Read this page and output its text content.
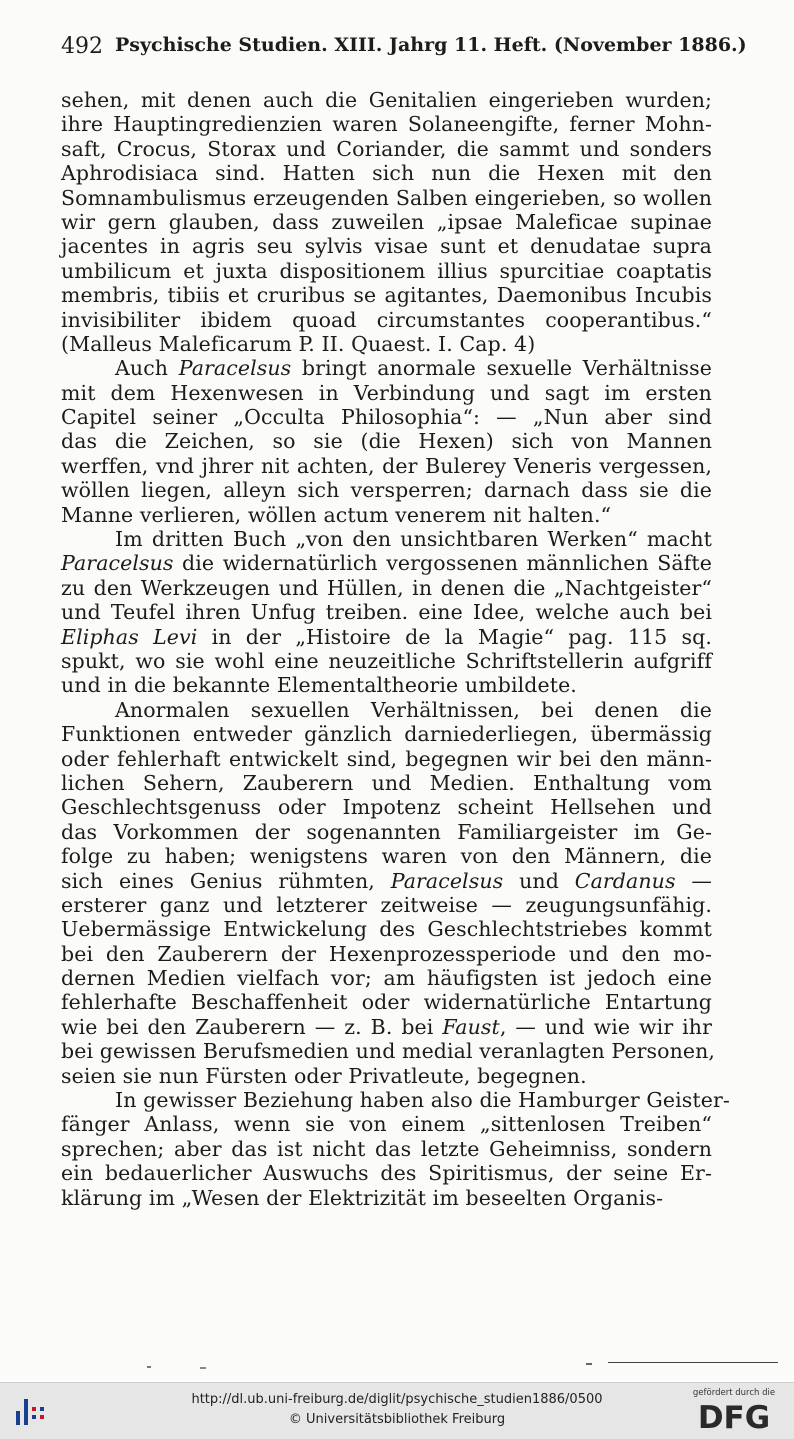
492 Psychische Studien. XIII. Jahrg 11. Heft. (November 1886.)
sehen, mit denen auch die Genitalien eingerieben wurden;
ihre Hauptingredienzien waren Solaneengifte, ferner Mohn-
saft, Crocus, Storax und Coriander, die sammt und sonders
Aphrodisiaca sind. Hatten sich nun die Hexen mit den
Somnambulismus erzeugenden Salben eingerieben, so wollen
wir gern glauben, dass zuweilen „ipsae Maleficae supinae
jacentes in agris seu sylvis visae sunt et denudatae supra
umbilicum et juxta dispositionem illius spurcitiae coaptatis
membris, tibiis et cruribus se agitantes, Daemonibus Incubis
invisibiliter ibidem quoad circumstantes cooperantibus.“
(Malleus Maleficarum P. II. Quaest. I. Cap. 4)
Auch Paracelsus bringt anormale sexuelle Verhältnisse
mit dem Hexenwesen in Verbindung und sagt im ersten
Capitel seiner „Occulta Philosophia“: — „Nun aber sind
das die Zeichen, so sie (die Hexen) sich von Mannen
werffen, vnd jhrer nit achten, der Bulerey Veneris vergessen,
wöllen liegen, alleyn sich versperren; darnach dass sie die
Manne verlieren, wöllen actum venerem nit halten.“
Im dritten Buch „von den unsichtbaren Werken“ macht
Paracelsus die widernatürlich vergossenen männlichen Säfte
zu den Werkzeugen und Hüllen, in denen die „Nachtgeister“
und Teufel ihren Unfug treiben. eine Idee, welche auch bei
Eliphas Levi in der „Histoire de la Magie“ pag. 115 sq.
spukt, wo sie wohl eine neuzeitliche Schriftstellerin aufgriff
und in die bekannte Elementaltheorie umbildete.
Anormalen sexuellen Verhältnissen, bei denen die
Funktionen entweder gänzlich darniederliegen, übermässig
oder fehlerhaft entwickelt sind, begegnen wir bei den männ-
lichen Sehern, Zauberern und Medien. Enthaltung vom
Geschlechtsgenuss oder Impotenz scheint Hellsehen und
das Vorkommen der sogenannten Familiargeister im Ge-
folge zu haben; wenigstens waren von den Männern, die
sich eines Genius rühmten, Paracelsus und Cardanus —
ersterer ganz und letzterer zeitweise — zeugungsunfähig.
Uebermässige Entwickelung des Geschlechtstriebes kommt
bei den Zauberern der Hexenprozessperiode und den mo-
dernen Medien vielfach vor; am häufigsten ist jedoch eine
fehlerhafte Beschaffenheit oder widernatürliche Entartung
wie bei den Zauberern — z. B. bei Faust, — und wie wir ihr
bei gewissen Berufsmedien und medial veranlagten Personen,
seien sie nun Fürsten oder Privatleute, begegnen.
In gewisser Beziehung haben also die Hamburger Geister-
fänger Anlass, wenn sie von einem „sittenlosen Treiben“
sprechen; aber das ist nicht das letzte Geheimniss, sondern
ein bedauerlicher Auswuchs des Spiritismus, der seine Er-
klärung im „Wesen der Elektrizität im beseelten Organis-
http://dl.ub.uni-freiburg.de/diglit/psychische_studien1886/0500
© Universitätsbibliothek Freiburg
gefördert durch die
DFG
